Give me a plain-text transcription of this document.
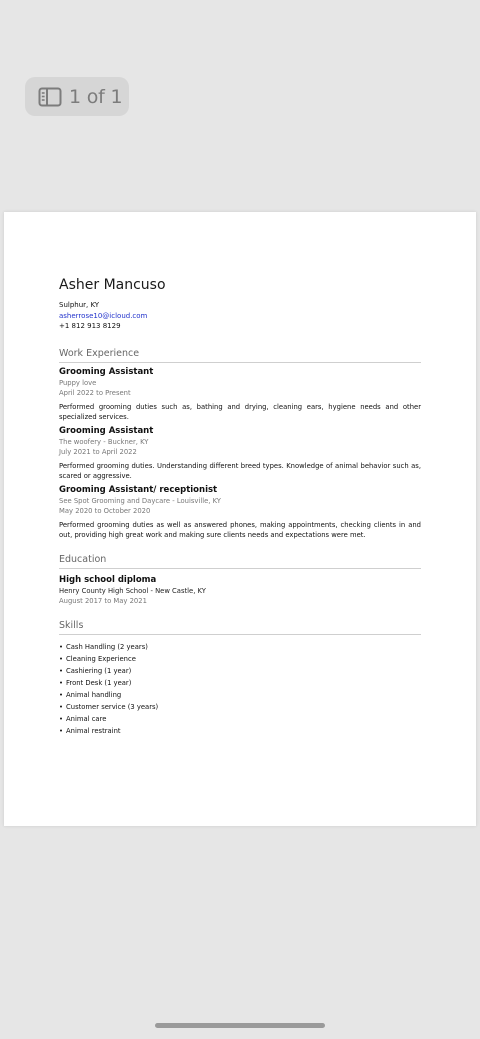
1 of 1
Asher Mancuso
Sulphur, KY
asherrose10@icloud.com
+1 812 913 8129
Work Experience
Grooming Assistant
Puppy love
April 2022 to Present
Performed grooming duties such as, bathing and drying, cleaning ears, hygiene needs and other specialized services.
Grooming Assistant
The woofery - Buckner, KY
July 2021 to April 2022
Performed grooming duties. Understanding different breed types. Knowledge of animal behavior such as, scared or aggressive.
Grooming Assistant/ receptionist
See Spot Grooming and Daycare - Louisville, KY
May 2020 to October 2020
Performed grooming duties as well as answered phones, making appointments, checking clients in and out, providing high great work and making sure clients needs and expectations were met.
Education
High school diploma
Henry County High School - New Castle, KY
August 2017 to May 2021
Skills
• Cash Handling (2 years)
• Cleaning Experience
• Cashiering (1 year)
• Front Desk (1 year)
• Animal handling
• Customer service (3 years)
• Animal care
• Animal restraint
